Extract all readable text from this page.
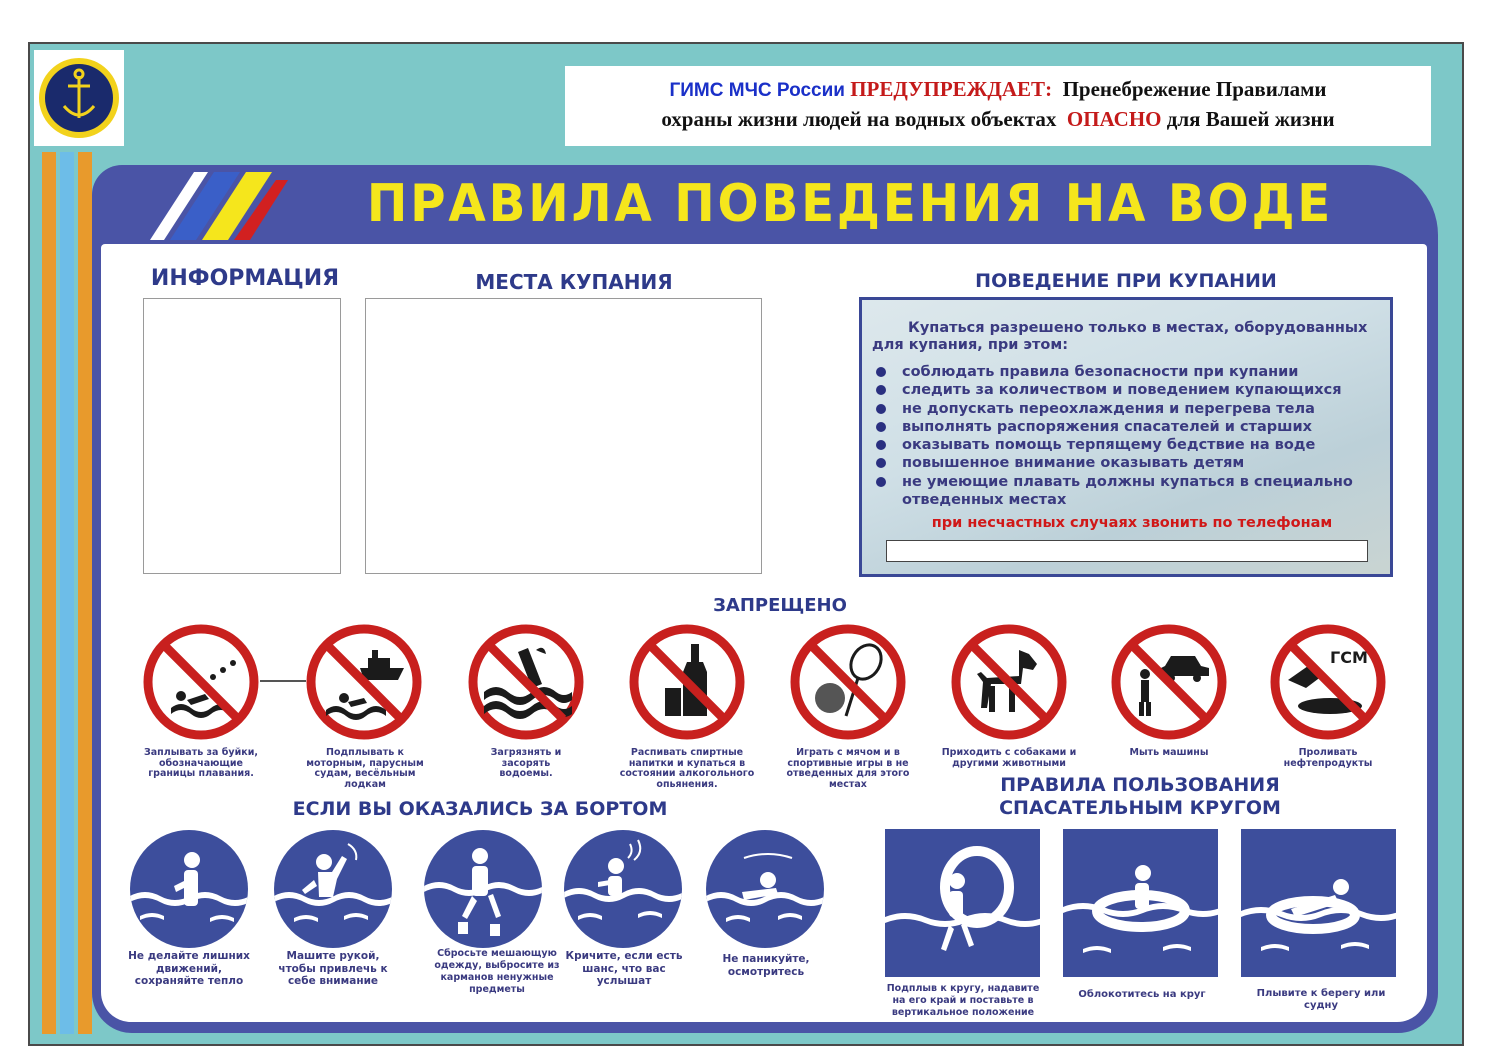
ГИМС МЧС России ПРЕДУПРЕЖДАЕТ: Пренебрежение Правилами
охраны жизни людей на водных объектах ОПАСНО для Вашей жизни
ПРАВИЛА ПОВЕДЕНИЯ НА ВОДЕ
ИНФОРМАЦИЯ	МЕСТА КУПАНИЯ	ПОВЕДЕНИЕ ПРИ КУПАНИИ
Купаться разрешено только в местах, оборудованных для купания, при этом:
соблюдать правила безопасности при купании
следить за количеством и поведением купающихся
не допускать переохлаждения и перегрева тела
выполнять распоряжения спасателей и старших
оказывать помощь терпящему бедствие на воде
повышенное внимание оказывать детям
не умеющие плавать должны купаться в специально отведенных местах
при несчастных случаях звонить по телефонам
ЗАПРЕЩЕНО
ГСМ
Заплывать за буйки, обозначающие границы плавания.
Подплывать к моторным, парусным судам, весёльным лодкам
Загрязнять и засорять водоемы.
Распивать спиртные напитки и купаться в состоянии алкогольного опьянения.
Играть с мячом и в спортивные игры в не отведенных для этого местах
Приходить с собаками и другими животными
Мыть машины	Проливать нефтепродукты
ЕСЛИ ВЫ ОКАЗАЛИСЬ ЗА БОРТОМ
ПРАВИЛА ПОЛЬЗОВАНИЯ
СПАСАТЕЛЬНЫМ КРУГОМ
Не делайте лишних движений, сохраняйте тепло
Машите рукой, чтобы привлечь к себе внимание
Сбросьте мешающую одежду, выбросите из карманов ненужные предметы
Кричите, если есть шанс, что вас услышат
Не паникуйте, осмотритесь
Подплыв к кругу, надавите на его край и поставьте в вертикальное положение
Облокотитесь на круг	Плывите к берегу или судну
